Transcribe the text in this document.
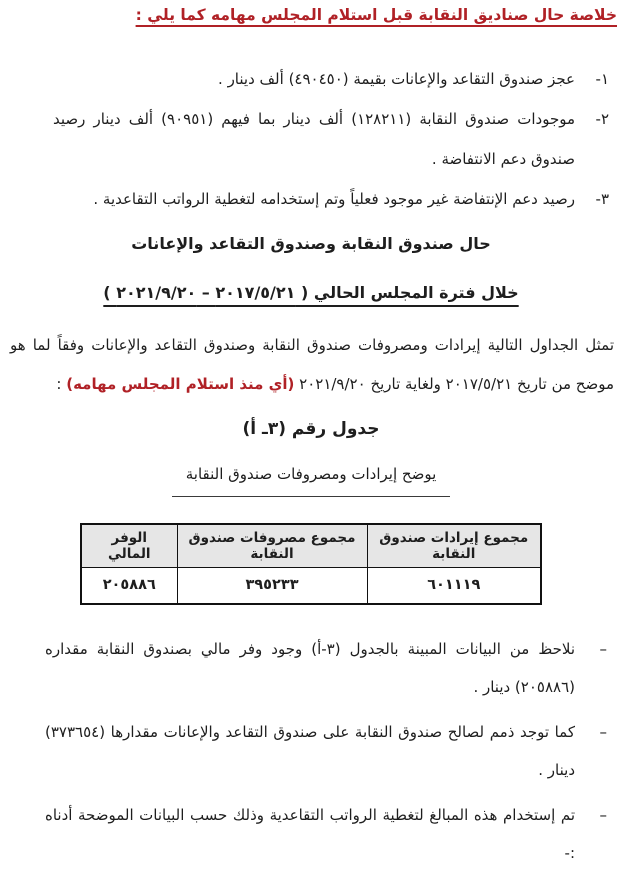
خلاصة حال صناديق النقابة قبل استلام المجلس مهامه كما يلي :
١-
عجز صندوق التقاعد والإعانات بقيمة (٤٩٠٤٥٠) ألف دينار .
٢-
موجودات صندوق النقابة (١٢٨٢١١) ألف دينار بما فيهم (٩٠٩٥١) ألف دينار رصيد صندوق دعم الانتفاضة .
٣-
رصيد دعم الإنتفاضة غير موجود فعلياً وتم إستخدامه لتغطية الرواتب التقاعدية .
حال صندوق النقابة وصندوق التقاعد والإعانات
خلال فترة المجلس الحالي ( ٢٠١٧/٥/٢١ – ٢٠٢١/٩/٢٠ )

تمثل الجداول التالية إيرادات ومصروفات صندوق النقابة وصندوق التقاعد والإعانات وفقاً لما هو موضح من تاريخ ٢٠١٧/٥/٢١ ولغاية تاريخ ٢٠٢١/٩/٢٠ (أي منذ استلام المجلس مهامه) :

جدول رقم (٣ـ أ)
يوضح إيرادات ومصروفات صندوق النقابة
مجموع إيرادات صندوق النقابة	مجموع مصروفات صندوق النقابة	الوفر المالي
٦٠١١١٩	٣٩٥٢٣٣	٢٠٥٨٨٦
–
نلاحظ من البيانات المبينة بالجدول (٣-أ) وجود وفر مالي بصندوق النقابة مقداره (٢٠٥٨٨٦) دينار .
–
كما توجد ذمم لصالح صندوق النقابة على صندوق التقاعد والإعانات مقدارها (٣٧٣٦٥٤) دينار .
–
تم إستخدام هذه المبالغ لتغطية الرواتب التقاعدية وذلك حسب البيانات الموضحة أدناه :-
